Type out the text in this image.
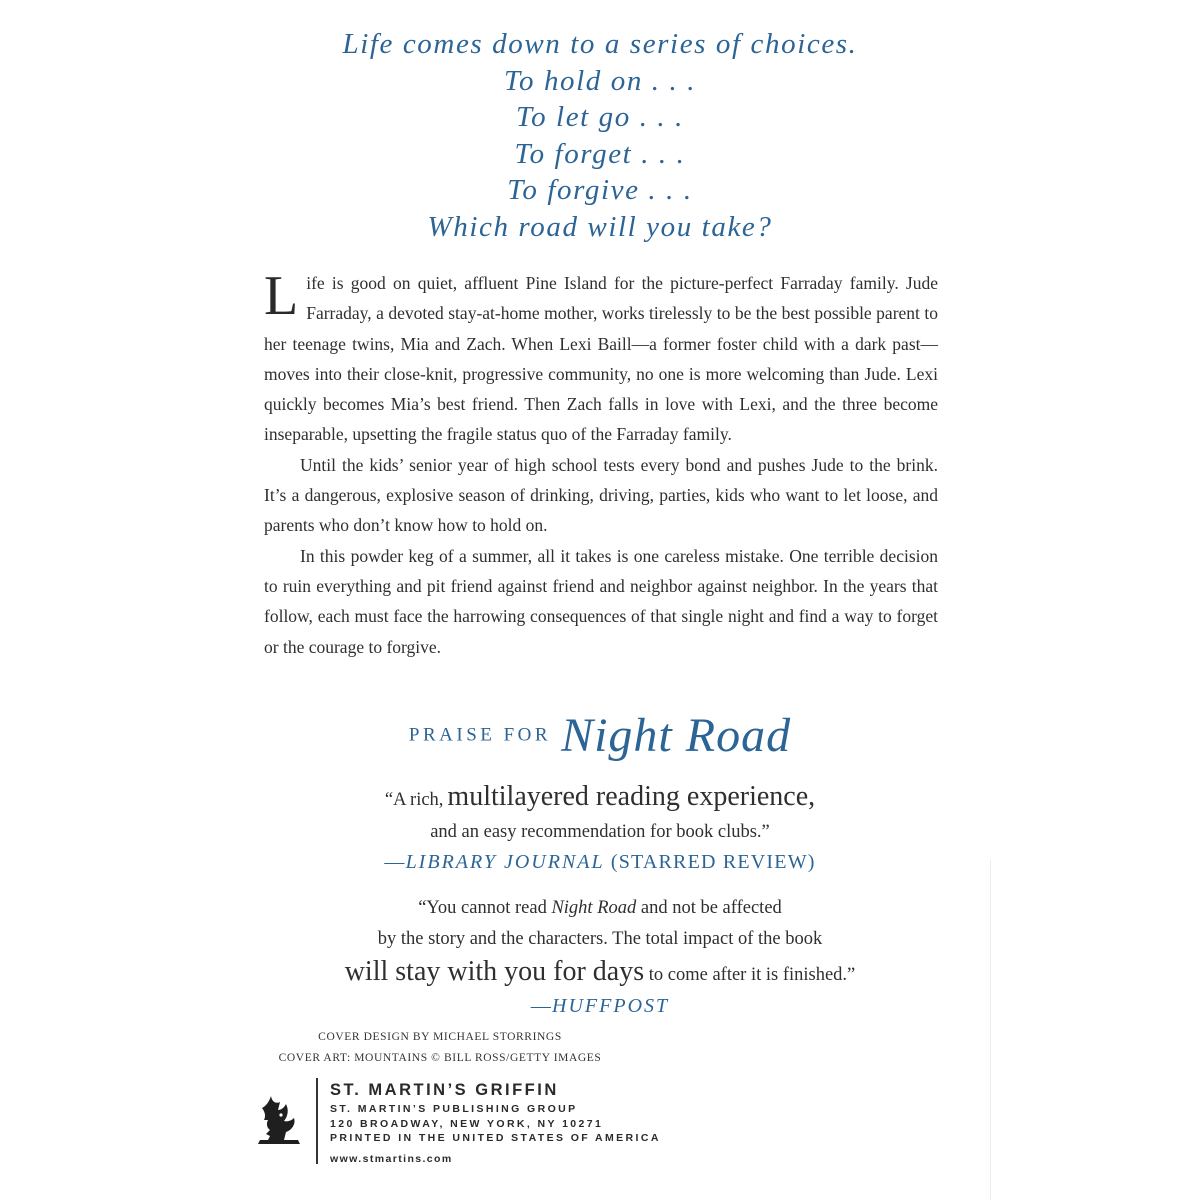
Life comes down to a series of choices.
To hold on . . .
To let go . . .
To forget . . .
To forgive . . .
Which road will you take?

Life is good on quiet, affluent Pine Island for the picture-perfect Farraday family. Jude Farraday, a devoted stay-at-home mother, works tirelessly to be the best possible parent to her teenage twins, Mia and Zach. When Lexi Baill—a former foster child with a dark past—moves into their close-knit, progressive community, no one is more welcoming than Jude. Lexi quickly becomes Mia’s best friend. Then Zach falls in love with Lexi, and the three become inseparable, upsetting the fragile status quo of the Farraday family.

Until the kids’ senior year of high school tests every bond and pushes Jude to the brink. It’s a dangerous, explosive season of drinking, driving, parties, kids who want to let loose, and parents who don’t know how to hold on.

In this powder keg of a summer, all it takes is one careless mistake. One terrible decision to ruin everything and pit friend against friend and neighbor against neighbor. In the years that follow, each must face the harrowing consequences of that single night and find a way to forget or the courage to forgive.

PRAISE FOR Night Road
“A rich, multilayered reading experience,
and an easy recommendation for book clubs.”
—LIBRARY JOURNAL (STARRED REVIEW)
“You cannot read Night Road and not be affected
by the story and the characters. The total impact of the book
will stay with you for days to come after it is finished.”
—HUFFPOST
COVER DESIGN BY MICHAEL STORRINGS
COVER ART: MOUNTAINS © BILL ROSS/GETTY IMAGES
ST. MARTIN’S GRIFFIN
ST. MARTIN’S PUBLISHING GROUP
120 BROADWAY, NEW YORK, NY 10271
PRINTED IN THE UNITED STATES OF AMERICA
www.stmartins.com
